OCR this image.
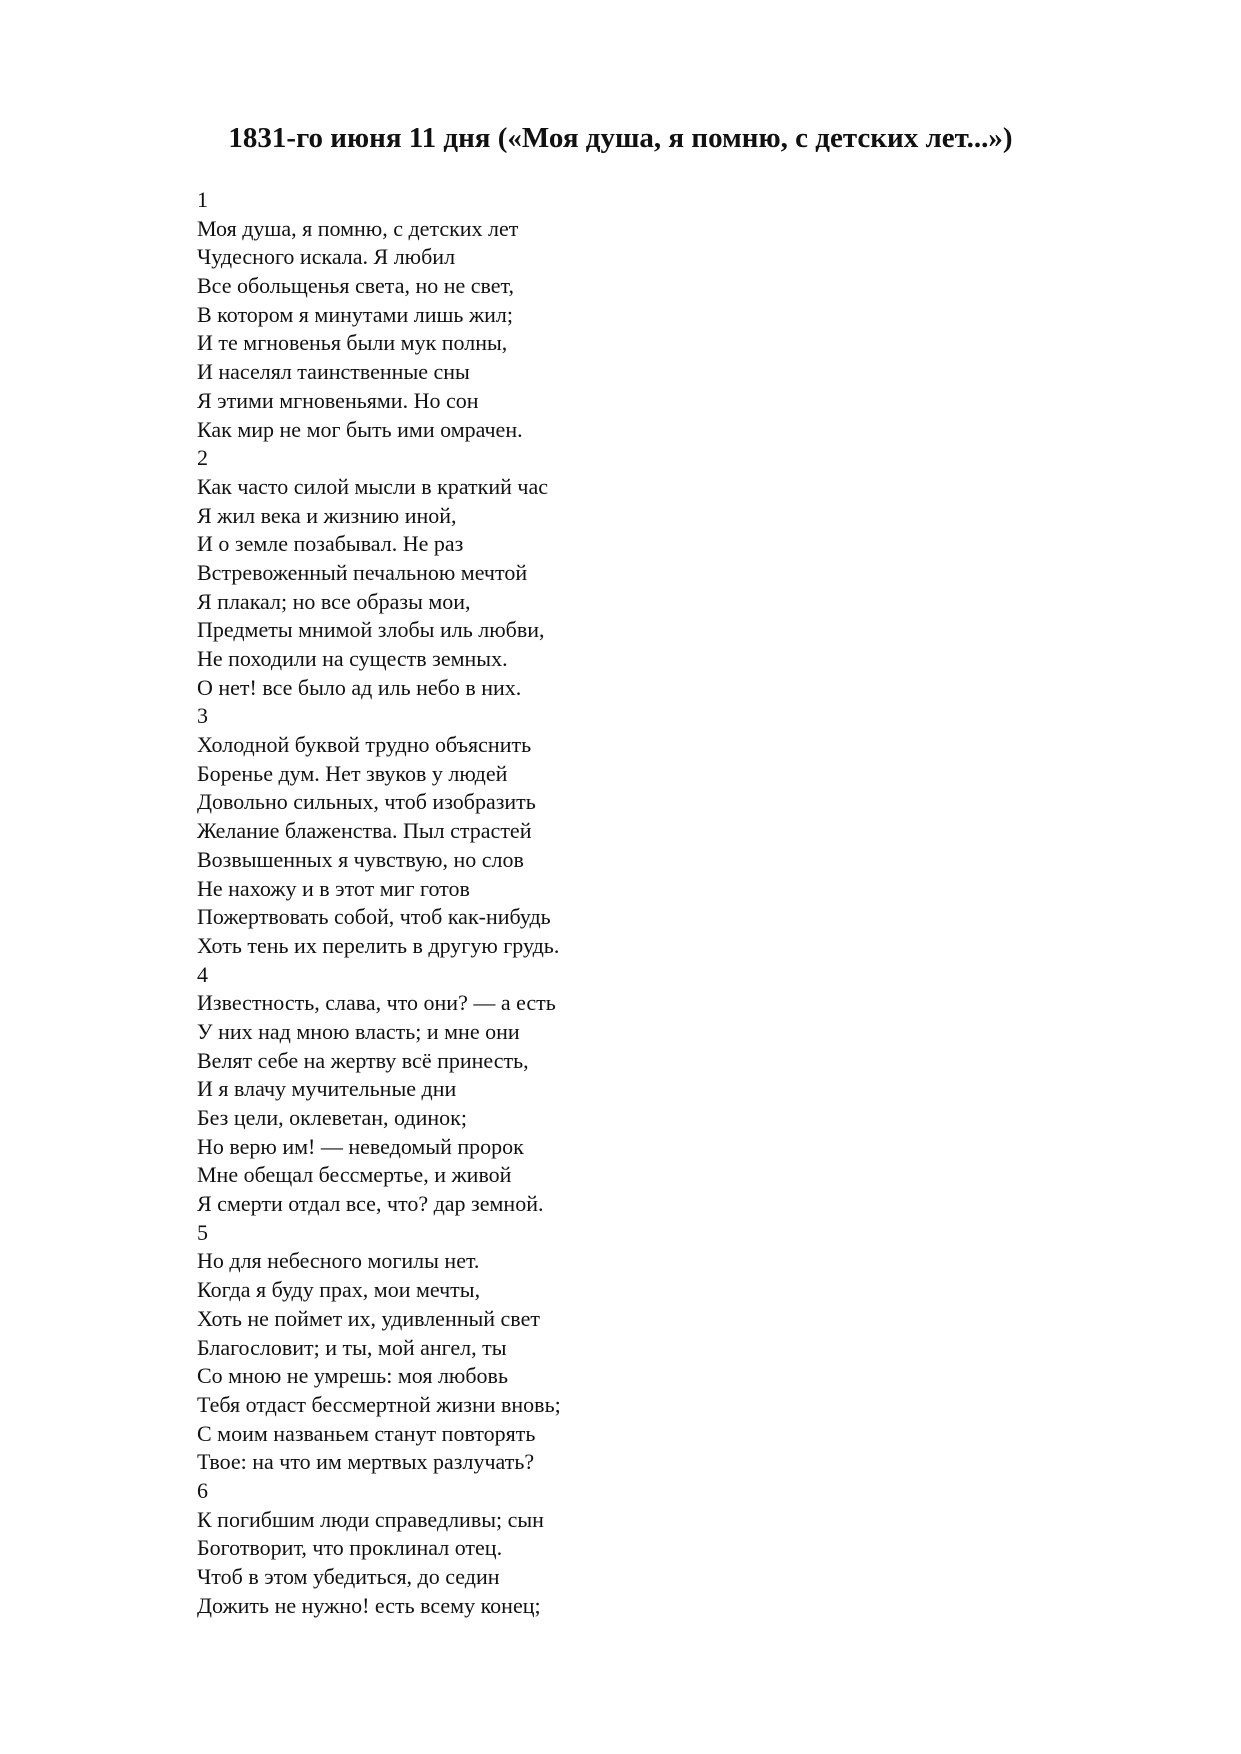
1831-го июня 11 дня («Моя душа, я помню, с детских лет...»)
1
Моя душа, я помню, с детских лет
Чудесного искала. Я любил
Все обольщенья света, но не свет,
В котором я минутами лишь жил;
И те мгновенья были мук полны,
И населял таинственные сны
Я этими мгновеньями. Но сон
Как мир не мог быть ими омрачен.
2
Как часто силой мысли в краткий час
Я жил века и жизнию иной,
И о земле позабывал. Не раз
Встревоженный печальною мечтой
Я плакал; но все образы мои,
Предметы мнимой злобы иль любви,
Не походили на существ земных.
О нет! все было ад иль небо в них.
3
Холодной буквой трудно объяснить
Боренье дум. Нет звуков у людей
Довольно сильных, чтоб изобразить
Желание блаженства. Пыл страстей
Возвышенных я чувствую, но слов
Не нахожу и в этот миг готов
Пожертвовать собой, чтоб как-нибудь
Хоть тень их перелить в другую грудь.
4
Известность, слава, что они? — а есть
У них над мною власть; и мне они
Велят себе на жертву всё принесть,
И я влачу мучительные дни
Без цели, оклеветан, одинок;
Но верю им! — неведомый пророк
Мне обещал бессмертье, и живой
Я смерти отдал все, что? дар земной.
5
Но для небесного могилы нет.
Когда я буду прах, мои мечты,
Хоть не поймет их, удивленный свет
Благословит; и ты, мой ангел, ты
Со мною не умрешь: моя любовь
Тебя отдаст бессмертной жизни вновь;
С моим названьем станут повторять
Твое: на что им мертвых разлучать?
6
К погибшим люди справедливы; сын
Боготворит, что проклинал отец.
Чтоб в этом убедиться, до седин
Дожить не нужно! есть всему конец;
